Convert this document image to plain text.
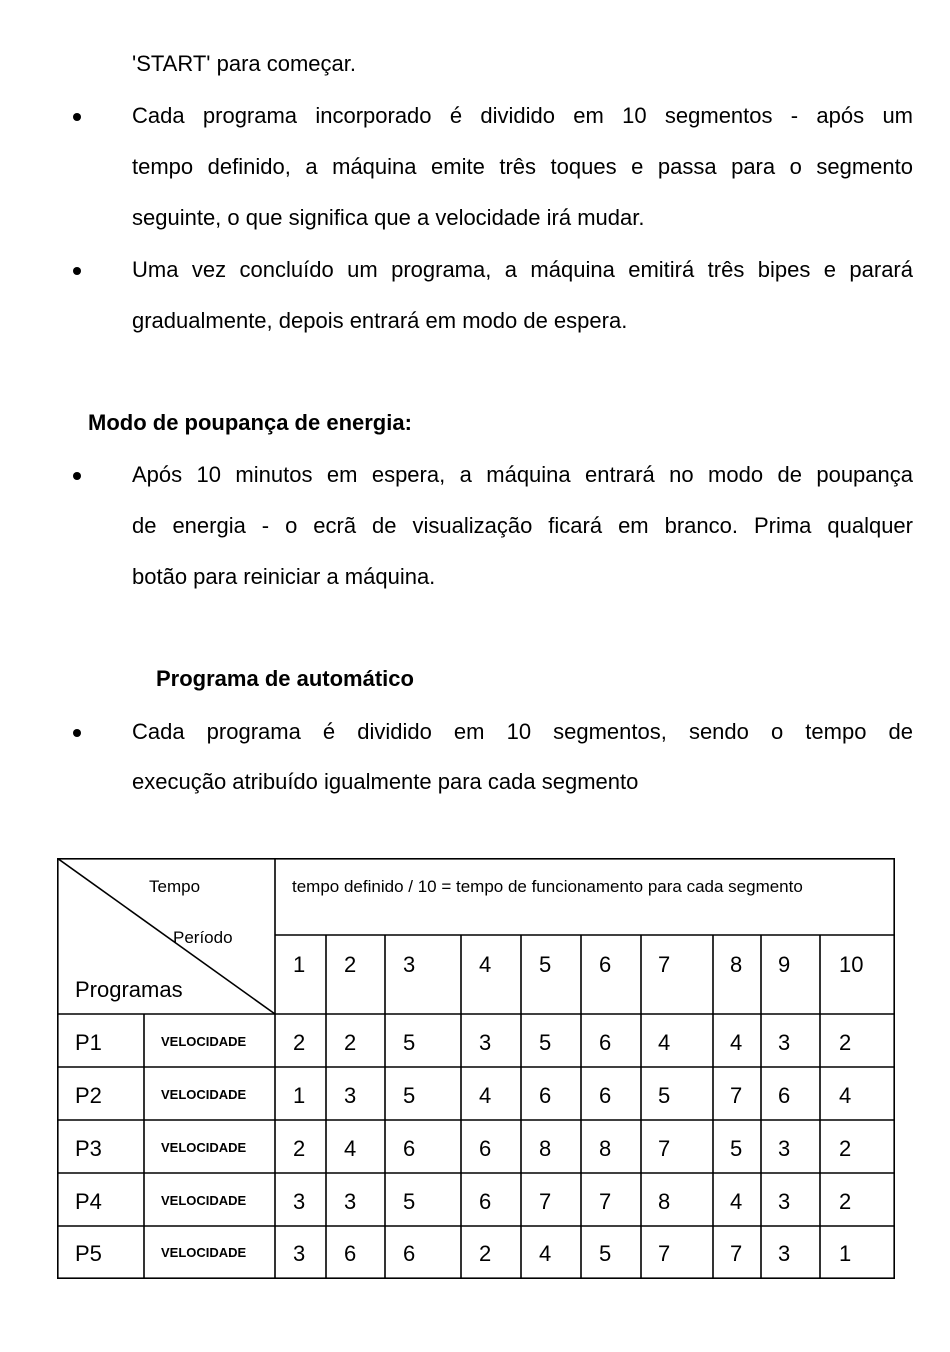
'START' para começar.
Cada programa incorporado é dividido em 10 segmentos - após um
tempo definido, a máquina emite três toques e passa para o segmento
seguinte, o que significa que a velocidade irá mudar.
Uma vez concluído um programa, a máquina emitirá três bipes e parará
gradualmente, depois entrará em modo de espera.
Modo de poupança de energia:
Após 10 minutos em espera, a máquina entrará no modo de poupança
de energia - o ecrã de visualização ficará em branco. Prima qualquer
botão para reiniciar a máquina.
Programa de automático
Cada programa é dividido em 10 segmentos, sendo o tempo de
execução atribuído igualmente para cada segmento
Tempo
Período
Programas
tempo definido / 10 = tempo de funcionamento para cada segmento
1 2 3	4 5 6 7	8 9 10
P1	VELOCIDADE 2 2 5	3 5 6 4	4 3 2
P2	VELOCIDADE 1 3 5	4 6 6 5	7 6 4
P3	VELOCIDADE 2 4 6	6 8 8 7	5 3 2
P4	VELOCIDADE 3 3 5	6 7 7 8	4 3 2
P5	VELOCIDADE 3 6 6	2 4 5 7	7 3 1
